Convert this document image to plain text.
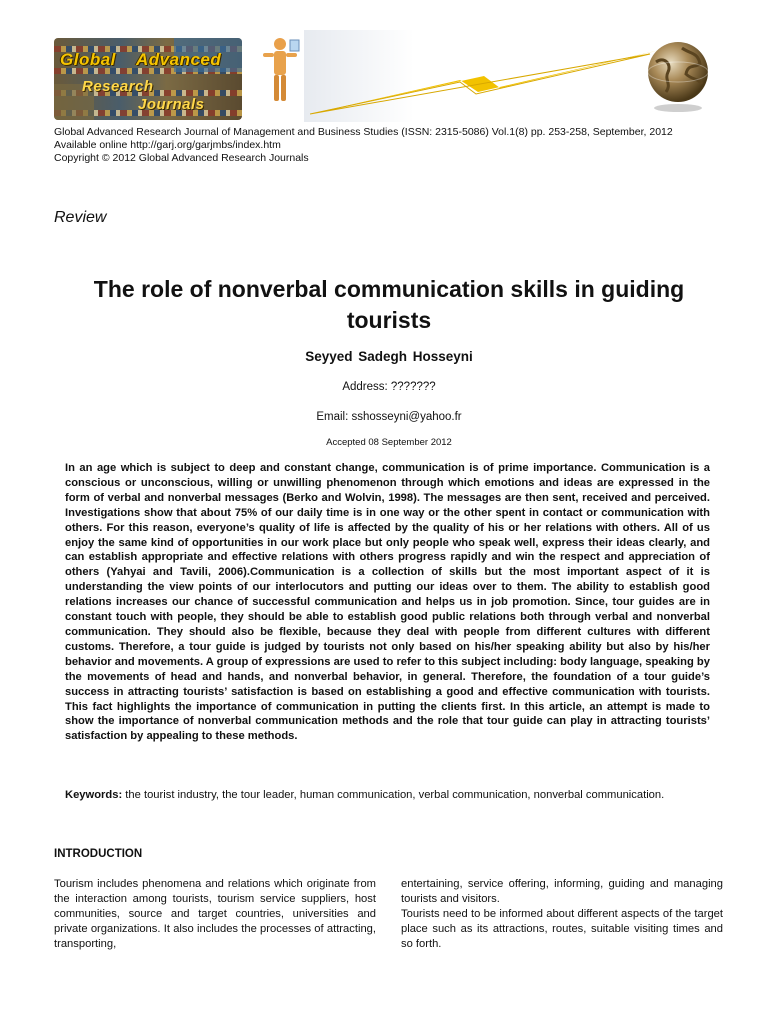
Global Advanced
Research
Journals
Global Advanced Research Journal of Management and Business Studies (ISSN: 2315-5086) Vol.1(8) pp. 253-258, September, 2012
Available online http://garj.org/garjmbs/index.htm
Copyright © 2012 Global Advanced Research Journals
Review
The role of nonverbal communication skills in guiding tourists
Seyyed Sadegh Hosseyni
Address: ???????
Email: sshosseyni@yahoo.fr
Accepted 08 September 2012
In an age which is subject to deep and constant change, communication is of prime importance. Communication is a conscious or unconscious, willing or unwilling phenomenon through which emotions and ideas are expressed in the form of verbal and nonverbal messages (Berko and Wolvin, 1998). The messages are then sent, received and perceived. Investigations show that about 75% of our daily time is in one way or the other spent in contact or communication with others. For this reason, everyone’s quality of life is affected by the quality of his or her relations with others. All of us enjoy the same kind of opportunities in our work place but only people who speak well, express their ideas clearly, and can establish appropriate and effective relations with others progress rapidly and win the respect and appreciation of others (Yahyai and Tavili, 2006).Communication is a collection of skills but the most important aspect of it is understanding the view points of our interlocutors and putting our ideas over to them. The ability to establish good relations increases our chance of successful communication and helps us in job promotion. Since, tour guides are in constant touch with people, they should be able to establish good public relations both through verbal and nonverbal communication. They should also be flexible, because they deal with people from different cultures with different customs. Therefore, a tour guide is judged by tourists not only based on his/her speaking ability but also by his/her behavior and movements. A group of expressions are used to refer to this subject including: body language, speaking by the movements of head and hands, and nonverbal behavior, in general. Therefore, the foundation of a tour guide’s success in attracting tourists’ satisfaction is based on establishing a good and effective communication with tourists. This fact highlights the importance of communication in putting the clients first. In this article, an attempt is made to show the importance of nonverbal communication methods and the role that tour guide can play in attracting tourists’ satisfaction by appealing to these methods.
Keywords: the tourist industry, the tour leader, human communication, verbal communication, nonverbal communication.
INTRODUCTION

Tourism includes phenomena and relations which originate from the interaction among tourists, tourism service suppliers, host communities, source and target countries, universities and private organizations. It also includes the processes of attracting, transporting,

entertaining, service offering, informing, guiding and managing tourists and visitors.

Tourists need to be informed about different aspects of the target place such as its attractions, routes, suitable visiting times and so forth.
